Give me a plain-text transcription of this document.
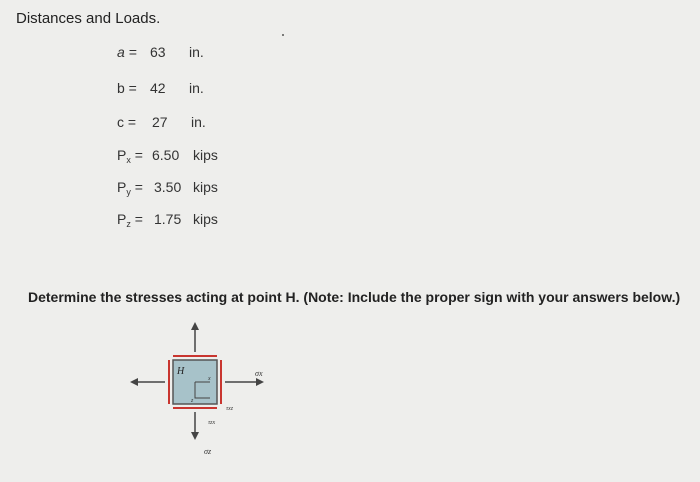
Distances and Loads.
a = 63 in.
b = 42 in.
c = 27 in.
$P_x = 6.50$ kips
$P_y = 3.50$ kips
$P_z = 1.75$ kips
Determine the stresses acting at point H. (Note: Include the proper sign with your answers below.)
H
x
z
σx
σz
τxz
τzx
